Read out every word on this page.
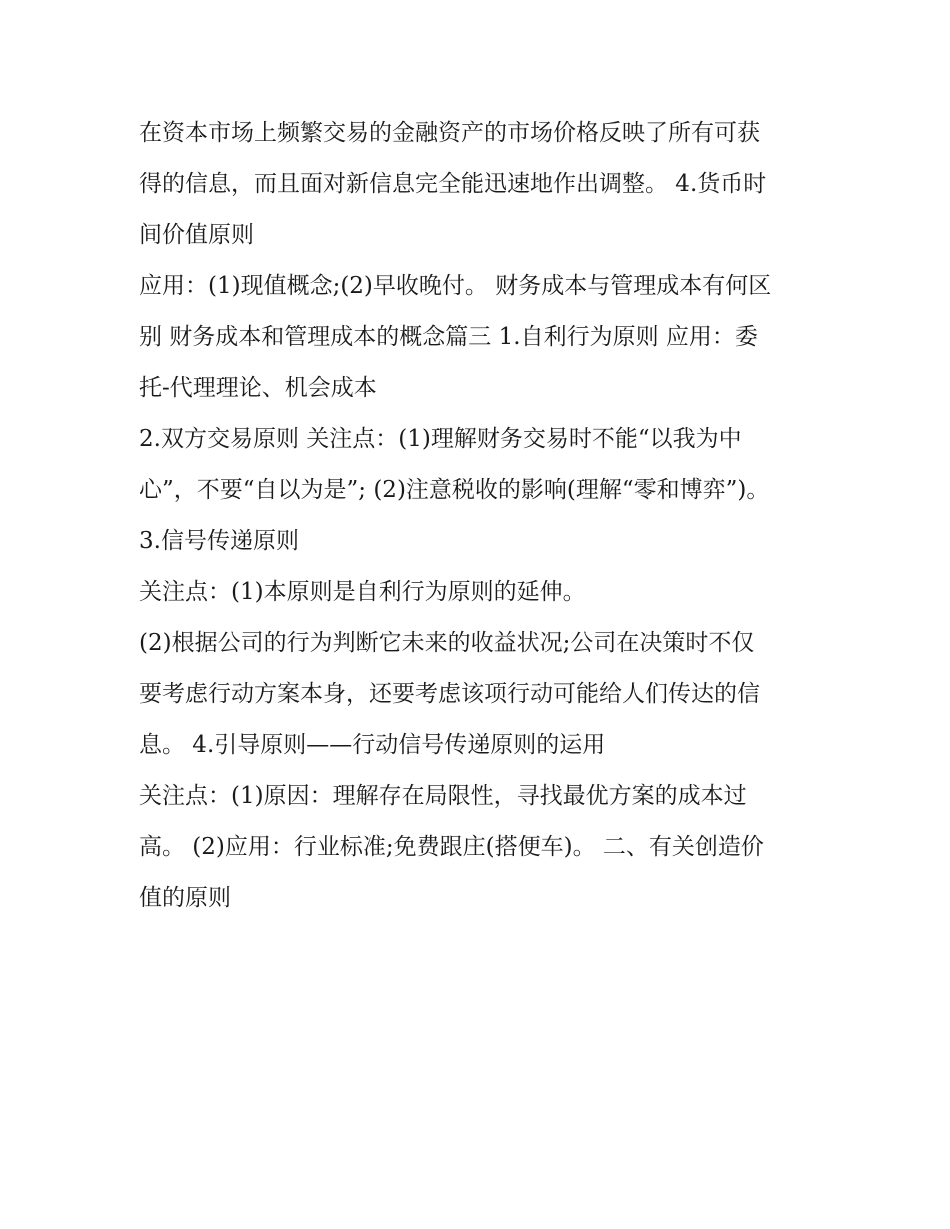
在资本市场上频繁交易的金融资产的市场价格反映了所有可获
得的信息，而且面对新信息完全能迅速地作出调整。 4.货币时
间价值原则
应用：(1)现值概念;(2)早收晚付。 财务成本与管理成本有何区
别 财务成本和管理成本的概念篇三 1.自利行为原则 应用：委
托-代理理论、机会成本
2.双方交易原则 关注点：(1)理解财务交易时不能“以我为中
心”，不要“自以为是”; (2)注意税收的影响(理解“零和博弈”)。
3.信号传递原则
关注点：(1)本原则是自利行为原则的延伸。
(2)根据公司的行为判断它未来的收益状况;公司在决策时不仅
要考虑行动方案本身，还要考虑该项行动可能给人们传达的信
息。 4.引导原则——行动信号传递原则的运用
关注点：(1)原因：理解存在局限性，寻找最优方案的成本过
高。 (2)应用：行业标准;免费跟庄(搭便车)。 二、有关创造价
值的原则
